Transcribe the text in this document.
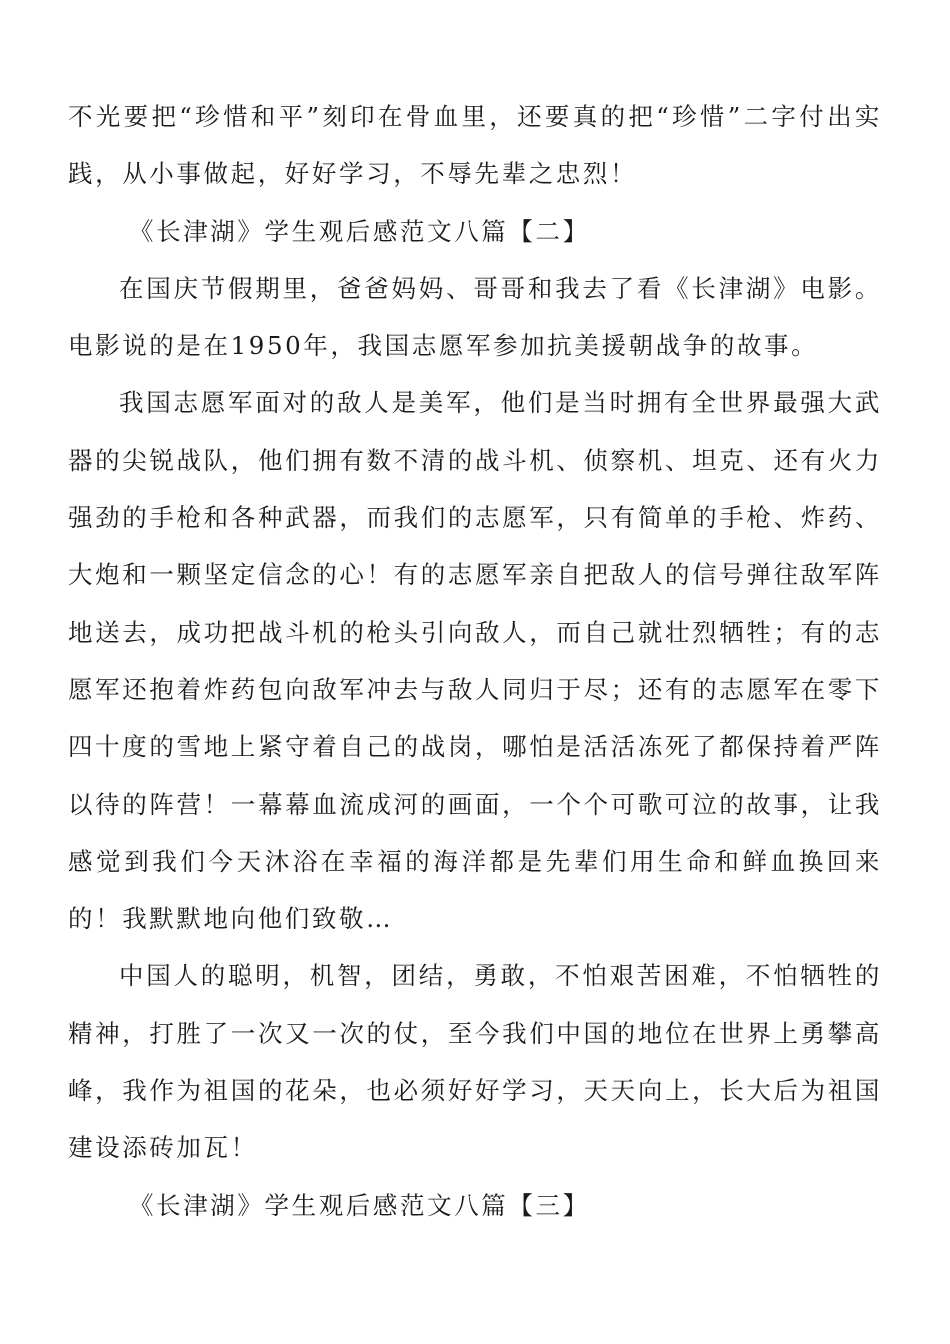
不光要把“珍惜和平”刻印在骨血里，还要真的把“珍惜”二字付出实践，从小事做起，好好学习，不辱先辈之忠烈！

《长津湖》学生观后感范文八篇【二】

在国庆节假期里，爸爸妈妈、哥哥和我去了看《长津湖》电影。电影说的是在1950年，我国志愿军参加抗美援朝战争的故事。

我国志愿军面对的敌人是美军，他们是当时拥有全世界最强大武器的尖锐战队，他们拥有数不清的战斗机、侦察机、坦克、还有火力强劲的手枪和各种武器，而我们的志愿军，只有简单的手枪、炸药、大炮和一颗坚定信念的心！有的志愿军亲自把敌人的信号弹往敌军阵地送去，成功把战斗机的枪头引向敌人，而自己就壮烈牺牲；有的志愿军还抱着炸药包向敌军冲去与敌人同归于尽；还有的志愿军在零下四十度的雪地上紧守着自己的战岗，哪怕是活活冻死了都保持着严阵以待的阵营！一幕幕血流成河的画面，一个个可歌可泣的故事，让我感觉到我们今天沐浴在幸福的海洋都是先辈们用生命和鲜血换回来的！我默默地向他们致敬…

中国人的聪明，机智，团结，勇敢，不怕艰苦困难，不怕牺牲的精神，打胜了一次又一次的仗，至今我们中国的地位在世界上勇攀高峰，我作为祖国的花朵，也必须好好学习，天天向上，长大后为祖国建设添砖加瓦！

《长津湖》学生观后感范文八篇【三】
